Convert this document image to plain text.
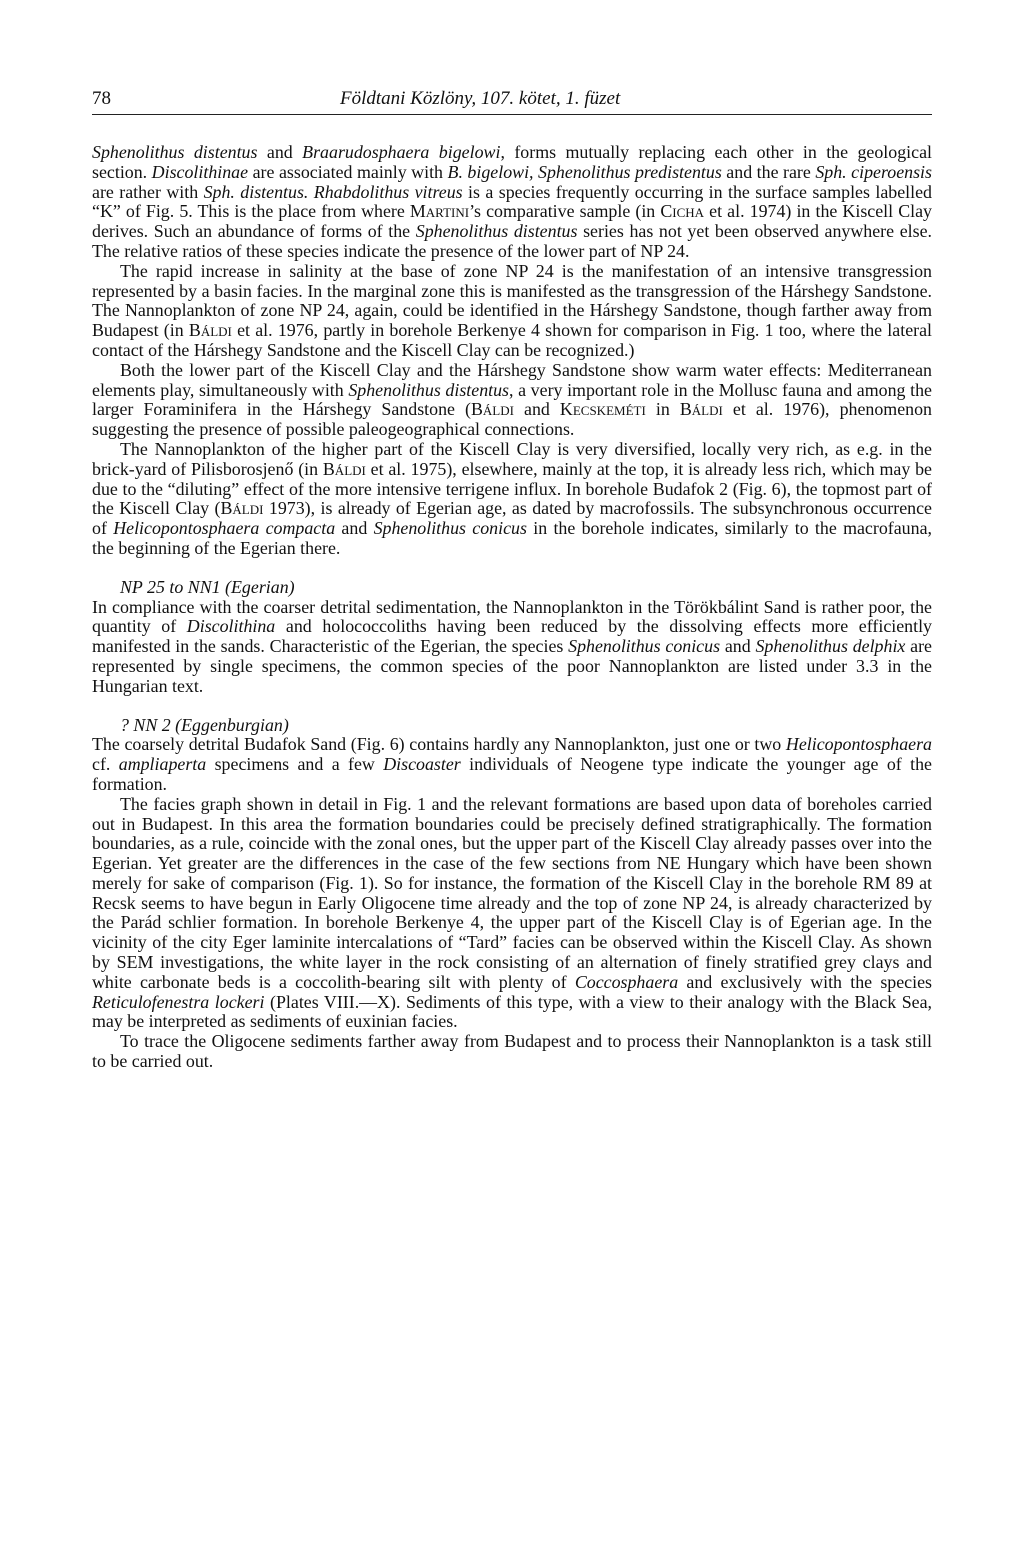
78	Földtani Közlöny, 107. kötet, 1. füzet

Sphenolithus distentus and Braarudosphaera bigelowi, forms mutually replacing each other in the geological section. Discolithinae are associated mainly with B. bigelowi, Sphenolithus predistentus and the rare Sph. ciperoensis are rather with Sph. distentus. Rhabdolithus vitreus is a species frequently occurring in the surface samples labelled “K” of Fig. 5. This is the place from where Martini’s comparative sample (in Cicha et al. 1974) in the Kiscell Clay derives. Such an abundance of forms of the Sphenolithus distentus series has not yet been observed anywhere else. The relative ratios of these species indicate the presence of the lower part of NP 24.

The rapid increase in salinity at the base of zone NP 24 is the manifestation of an intensive transgression represented by a basin facies. In the marginal zone this is manifested as the transgression of the Hárshegy Sandstone. The Nannoplankton of zone NP 24, again, could be identified in the Hárshegy Sandstone, though farther away from Budapest (in Báldi et al. 1976, partly in borehole Berkenye 4 shown for comparison in Fig. 1 too, where the lateral contact of the Hárshegy Sandstone and the Kiscell Clay can be recognized.)

Both the lower part of the Kiscell Clay and the Hárshegy Sandstone show warm water effects: Mediterranean elements play, simultaneously with Sphenolithus distentus, a very important role in the Mollusc fauna and among the larger Foraminifera in the Hárshegy Sandstone (Báldi and Kecskeméti in Báldi et al. 1976), phenomenon suggesting the presence of possible paleogeographical connections.

The Nannoplankton of the higher part of the Kiscell Clay is very diversified, locally very rich, as e.g. in the brick-yard of Pilisborosjenő (in Báldi et al. 1975), elsewhere, mainly at the top, it is already less rich, which may be due to the “diluting” effect of the more intensive terrigene influx. In borehole Budafok 2 (Fig. 6), the topmost part of the Kiscell Clay (Báldi 1973), is already of Egerian age, as dated by macrofossils. The subsynchronous occurrence of Helicopontosphaera compacta and Sphenolithus conicus in the borehole indicates, similarly to the macrofauna, the beginning of the Egerian there.

NP 25 to NN1 (Egerian)

In compliance with the coarser detrital sedimentation, the Nannoplankton in the Törökbálint Sand is rather poor, the quantity of Discolithina and holococcoliths having been reduced by the dissolving effects more efficiently manifested in the sands. Characteristic of the Egerian, the species Sphenolithus conicus and Sphenolithus delphix are represented by single specimens, the common species of the poor Nannoplankton are listed under 3.3 in the Hungarian text.

? NN 2 (Eggenburgian)

The coarsely detrital Budafok Sand (Fig. 6) contains hardly any Nannoplankton, just one or two Helicopontosphaera cf. ampliaperta specimens and a few Discoaster individuals of Neogene type indicate the younger age of the formation.

The facies graph shown in detail in Fig. 1 and the relevant formations are based upon data of boreholes carried out in Budapest. In this area the formation boundaries could be precisely defined stratigraphically. The formation boundaries, as a rule, coincide with the zonal ones, but the upper part of the Kiscell Clay already passes over into the Egerian. Yet greater are the differences in the case of the few sections from NE Hungary which have been shown merely for sake of comparison (Fig. 1). So for instance, the formation of the Kiscell Clay in the borehole RM 89 at Recsk seems to have begun in Early Oligocene time already and the top of zone NP 24, is already characterized by the Parád schlier formation. In borehole Berkenye 4, the upper part of the Kiscell Clay is of Egerian age. In the vicinity of the city Eger laminite intercalations of “Tard” facies can be observed within the Kiscell Clay. As shown by SEM investigations, the white layer in the rock consisting of an alternation of finely stratified grey clays and white carbonate beds is a coccolith-bearing silt with plenty of Coccosphaera and exclusively with the species Reticulofenestra lockeri (Plates VIII.—X). Sediments of this type, with a view to their analogy with the Black Sea, may be interpreted as sediments of euxinian facies.

To trace the Oligocene sediments farther away from Budapest and to process their Nannoplankton is a task still to be carried out.
